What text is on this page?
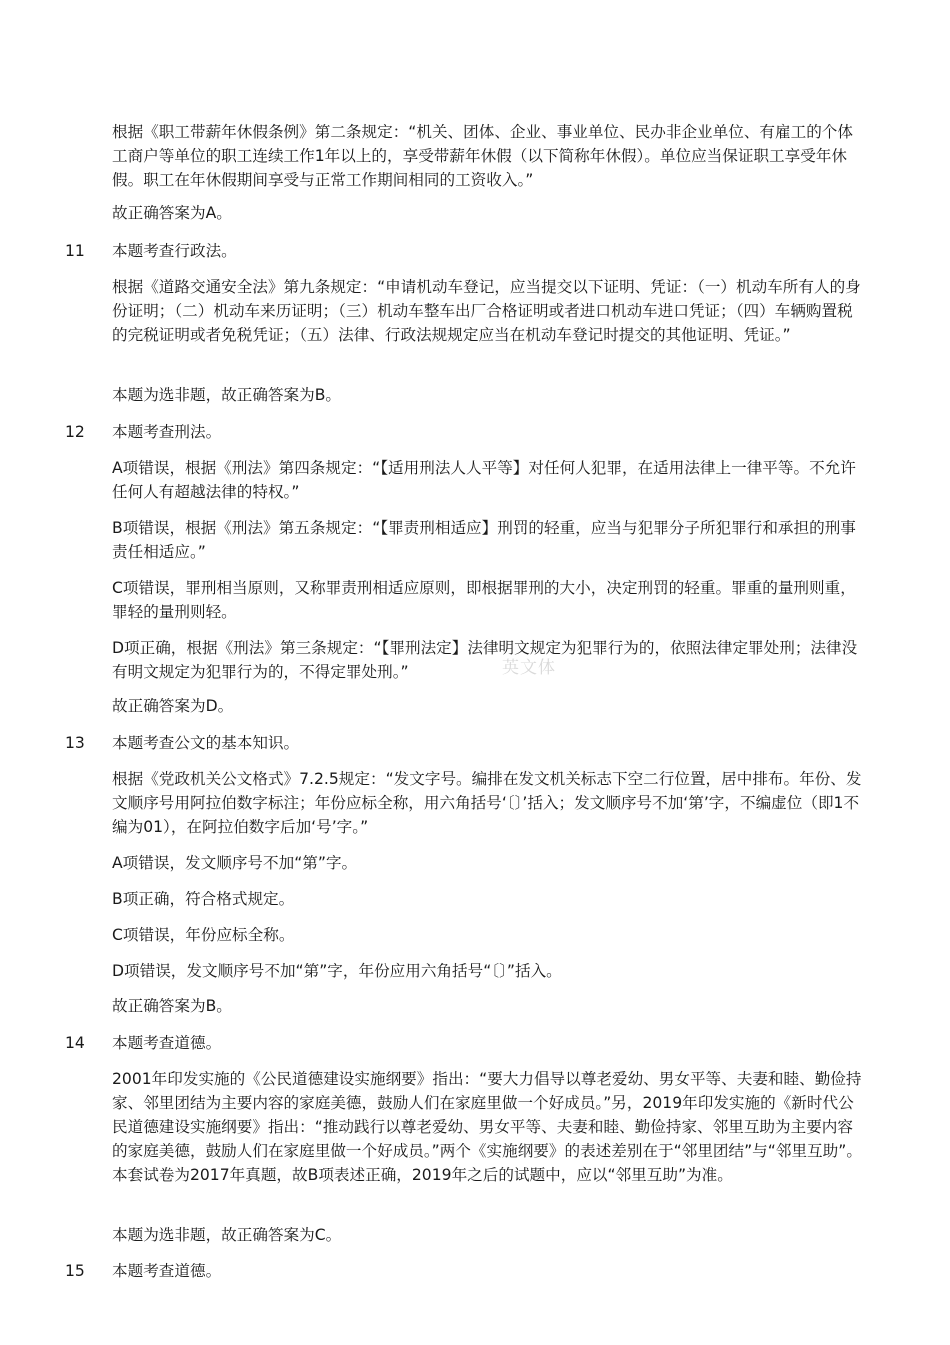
根据《职工带薪年休假条例》第二条规定：“机关、团体、企业、事业单位、民办非企业单位、有雇工的个体工商户等单位的职工连续工作1年以上的，享受带薪年休假（以下简称年休假）。单位应当保证职工享受年休假。职工在年休假期间享受与正常工作期间相同的工资收入。”

故正确答案为A。

11 本题考查行政法。

根据《道路交通安全法》第九条规定：“申请机动车登记，应当提交以下证明、凭证：（一）机动车所有人的身份证明；（二）机动车来历证明；（三）机动车整车出厂合格证明或者进口机动车进口凭证；（四）车辆购置税的完税证明或者免税凭证；（五）法律、行政法规规定应当在机动车登记时提交的其他证明、凭证。”

本题为选非题，故正确答案为B。

12 本题考查刑法。

A项错误，根据《刑法》第四条规定：“【适用刑法人人平等】对任何人犯罪，在适用法律上一律平等。不允许任何人有超越法律的特权。”

B项错误，根据《刑法》第五条规定：“【罪责刑相适应】刑罚的轻重，应当与犯罪分子所犯罪行和承担的刑事责任相适应。”

C项错误，罪刑相当原则，又称罪责刑相适应原则，即根据罪刑的大小，决定刑罚的轻重。罪重的量刑则重，罪轻的量刑则轻。

D项正确，根据《刑法》第三条规定：“【罪刑法定】法律明文规定为犯罪行为的，依照法律定罪处刑；法律没有明文规定为犯罪行为的，不得定罪处刑。”	英文体

故正确答案为D。

13 本题考查公文的基本知识。

根据《党政机关公文格式》7.2.5规定：“发文字号。编排在发文机关标志下空二行位置，居中排布。年份、发文顺序号用阿拉伯数字标注；年份应标全称，用六角括号‘〔〕’括入；发文顺序号不加‘第’字，不编虚位（即1不编为01），在阿拉伯数字后加‘号’字。”

A项错误，发文顺序号不加“第”字。

B项正确，符合格式规定。

C项错误，年份应标全称。

D项错误，发文顺序号不加“第”字，年份应用六角括号“〔〕”括入。

故正确答案为B。

14 本题考查道德。

2001年印发实施的《公民道德建设实施纲要》指出：“要大力倡导以尊老爱幼、男女平等、夫妻和睦、勤俭持家、邻里团结为主要内容的家庭美德，鼓励人们在家庭里做一个好成员。”另，2019年印发实施的《新时代公民道德建设实施纲要》指出：“推动践行以尊老爱幼、男女平等、夫妻和睦、勤俭持家、邻里互助为主要内容的家庭美德，鼓励人们在家庭里做一个好成员。”两个《实施纲要》的表述差别在于“邻里团结”与“邻里互助”。本套试卷为2017年真题，故B项表述正确，2019年之后的试题中，应以“邻里互助”为准。

本题为选非题，故正确答案为C。

15 本题考查道德。
